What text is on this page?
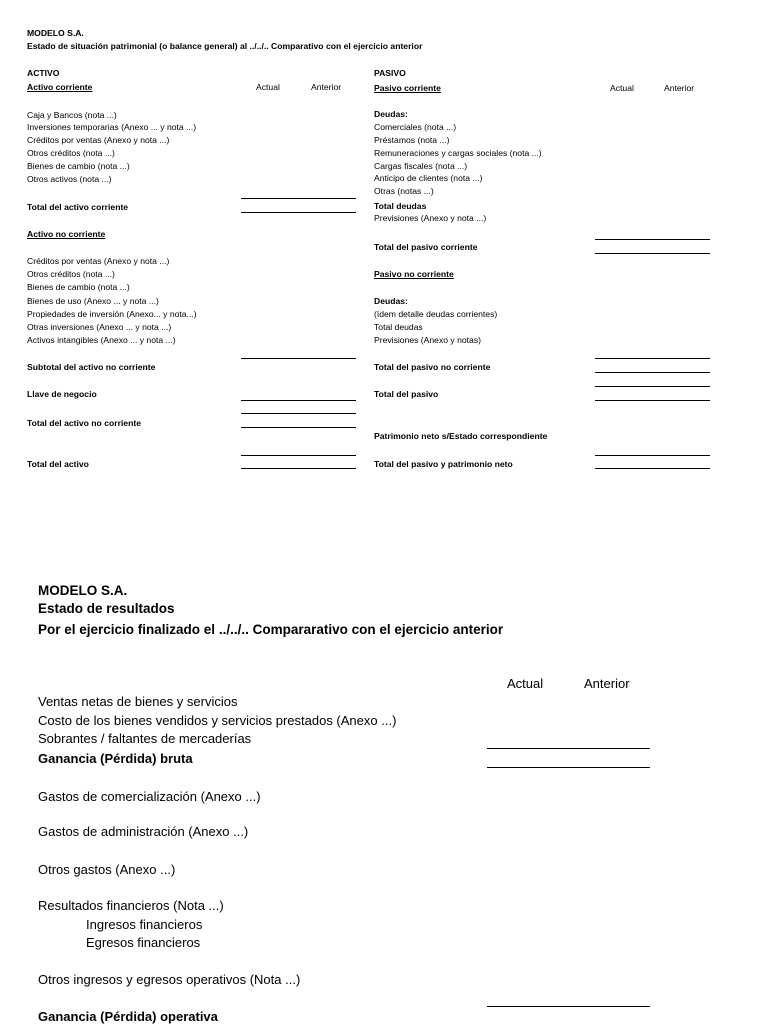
MODELO S.A.
Estado de situación patrimonial (o balance general) al ../../.. Comparativo con el ejercicio anterior
ACTIVO
Activo corriente	Actual	Anterior
Caja y Bancos (nota ...)
Inversiones temporarias (Anexo ... y nota ...)
Créditos por ventas (Anexo y nota ...)
Otros créditos (nota ...)
Bienes de cambio (nota ...)
Otros activos (nota ...)
Total del activo corriente
Activo no corriente
Créditos por ventas (Anexo y nota ...)
Otros créditos (nota ...)
Bienes de cambio (nota ...)
Bienes de uso (Anexo ... y nota ...)
Propiedades de inversión (Anexo... y nota...)
Otras inversiones (Anexo ... y nota ...)
Activos intangibles (Anexo ... y nota ...)
Subtotal del activo no corriente
Llave de negocio
Total del activo no corriente
Total del activo
PASIVO
Pasivo corriente	Actual	Anterior
Deudas:
Comerciales (nota ...)
Préstamos (nota ...)
Remuneraciones y cargas sociales (nota ...)
Cargas fiscales (nota ...)
Anticipo de clientes (nota ...)
Otras (notas ...)
Total deudas
Previsiones (Anexo y nota ...)
Total del pasivo corriente
Pasivo no corriente
Deudas:
(ídem detalle deudas corrientes)
Total deudas
Previsiones (Anexo y notas)
Total del pasivo no corriente
Total del pasivo
Patrimonio neto s/Estado correspondiente
Total del pasivo y patrimonio neto
MODELO S.A.
Estado de resultados
Por el ejercicio finalizado el ../../.. Compararativo con el ejercicio anterior
Actual	Anterior
Ventas netas de bienes y servicios
Costo de los bienes vendidos y servicios prestados (Anexo ...)
Sobrantes / faltantes de mercaderías
Ganancia (Pérdida) bruta
Gastos de comercialización (Anexo ...)
Gastos de administración (Anexo ...)
Otros gastos (Anexo ...)
Resultados financieros (Nota ...)
Ingresos financieros
Egresos financieros
Otros ingresos y egresos operativos (Nota ...)
Ganancia (Pérdida) operativa
